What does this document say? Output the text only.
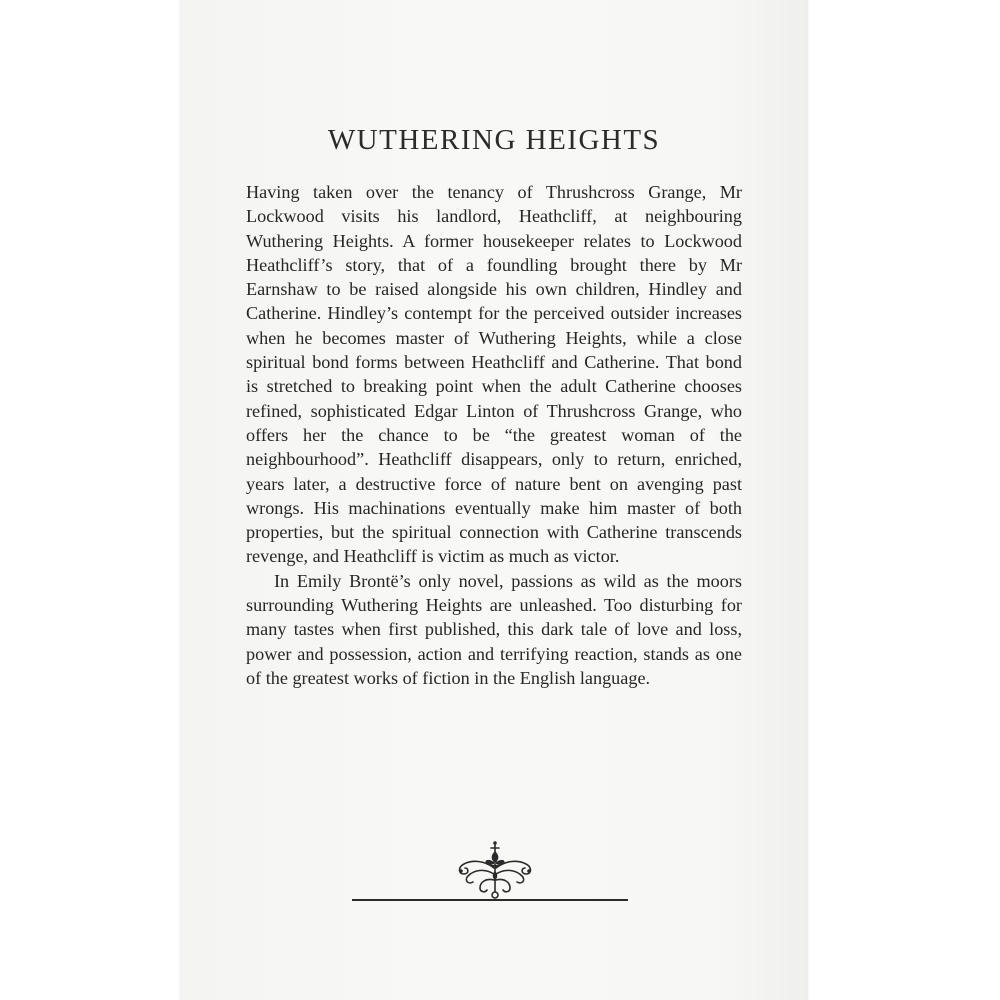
WUTHERING HEIGHTS

Having taken over the tenancy of Thrushcross Grange, Mr Lockwood visits his landlord, Heathcliff, at neighbouring Wuthering Heights. A former housekeeper relates to Lockwood Heathcliff’s story, that of a foundling brought there by Mr Earnshaw to be raised alongside his own children, Hindley and Catherine. Hindley’s contempt for the perceived outsider increases when he becomes master of Wuthering Heights, while a close spiritual bond forms between Heathcliff and Catherine. That bond is stretched to breaking point when the adult Catherine chooses refined, sophisticated Edgar Linton of Thrushcross Grange, who offers her the chance to be “the greatest woman of the neighbourhood”. Heathcliff disappears, only to return, enriched, years later, a destructive force of nature bent on avenging past wrongs. His machinations eventually make him master of both properties, but the spiritual connection with Catherine transcends revenge, and Heathcliff is victim as much as victor.

In Emily Brontë’s only novel, passions as wild as the moors surrounding Wuthering Heights are unleashed. Too disturbing for many tastes when first published, this dark tale of love and loss, power and possession, action and terrifying reaction, stands as one of the greatest works of fiction in the English language.
